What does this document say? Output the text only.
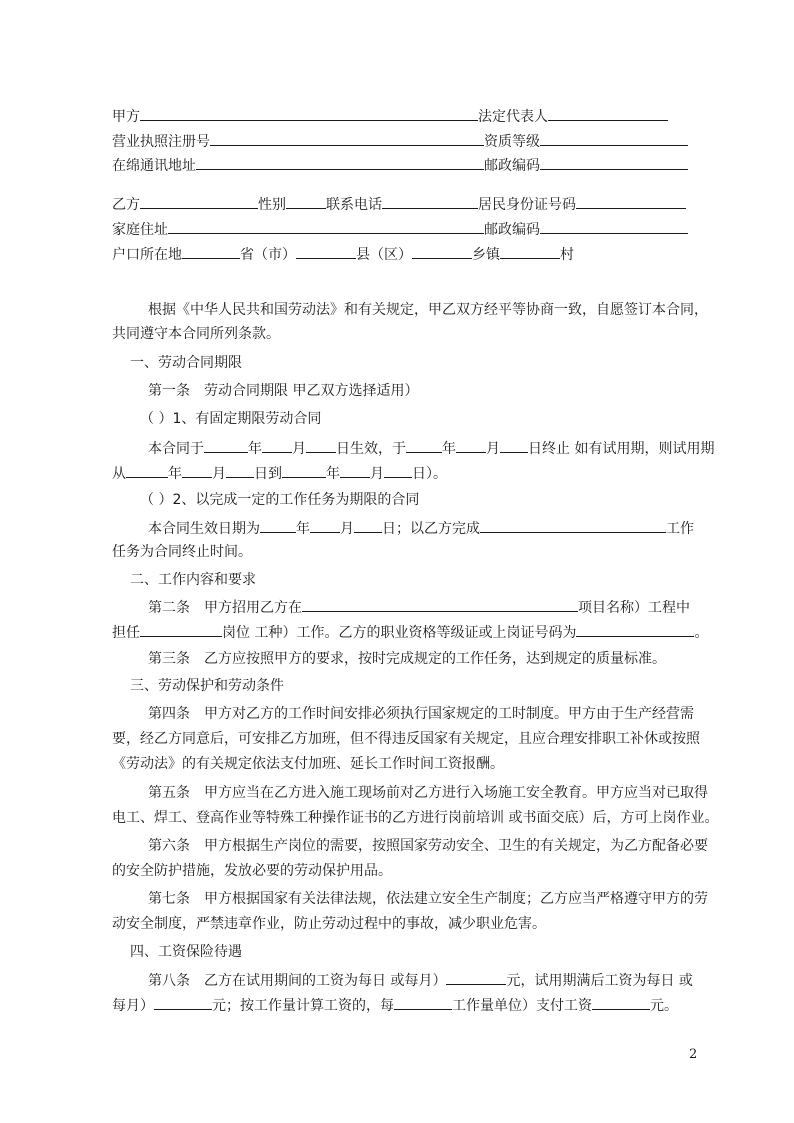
甲方	法定代表人
营业执照注册号	资质等级
在绵通讯地址	邮政编码
乙方	性别	联系电话	居民身份证号码
家庭住址	邮政编码
户口所在地	省（市）	县（区）	乡镇	村
根据《中华人民共和国劳动法》和有关规定，甲乙双方经平等协商一致，自愿签订本合同，
共同遵守本合同所列条款。
一、劳动合同期限
第一条　劳动合同期限 甲乙双方选择适用）
（ ）1、有固定期限劳动合同
本合同于	年 月 日生效，于	年 月 日终止 如有试用期，则试用期
从	年 月 日到	年 月 日）。
（ ）2、以完成一定的工作任务为期限的合同
本合同生效日期为	年 月 日；以乙方完成	工作
任务为合同终止时间。
二、工作内容和要求
第二条　甲方招用乙方在	项目名称）工程中
担任	岗位 工种）工作。乙方的职业资格等级证或上岗证号码为	。
第三条　乙方应按照甲方的要求，按时完成规定的工作任务，达到规定的质量标准。
三、劳动保护和劳动条件
第四条　甲方对乙方的工作时间安排必须执行国家规定的工时制度。甲方由于生产经营需
要，经乙方同意后，可安排乙方加班，但不得违反国家有关规定，且应合理安排职工补休或按照
《劳动法》的有关规定依法支付加班、延长工作时间工资报酬。
第五条　甲方应当在乙方进入施工现场前对乙方进行入场施工安全教育。甲方应当对已取得
电工、焊工、登高作业等特殊工种操作证书的乙方进行岗前培训 或书面交底）后，方可上岗作业。
第六条　甲方根据生产岗位的需要，按照国家劳动安全、卫生的有关规定，为乙方配备必要
的安全防护措施，发放必要的劳动保护用品。
第七条　甲方根据国家有关法律法规，依法建立安全生产制度；乙方应当严格遵守甲方的劳
动安全制度，严禁违章作业，防止劳动过程中的事故，减少职业危害。
四、工资保险待遇
第八条　乙方在试用期间的工资为每日 或每月）	元，试用期满后工资为每日 或
每月）	元；按工作量计算工资的，每	工作量单位）支付工资	元。
2
